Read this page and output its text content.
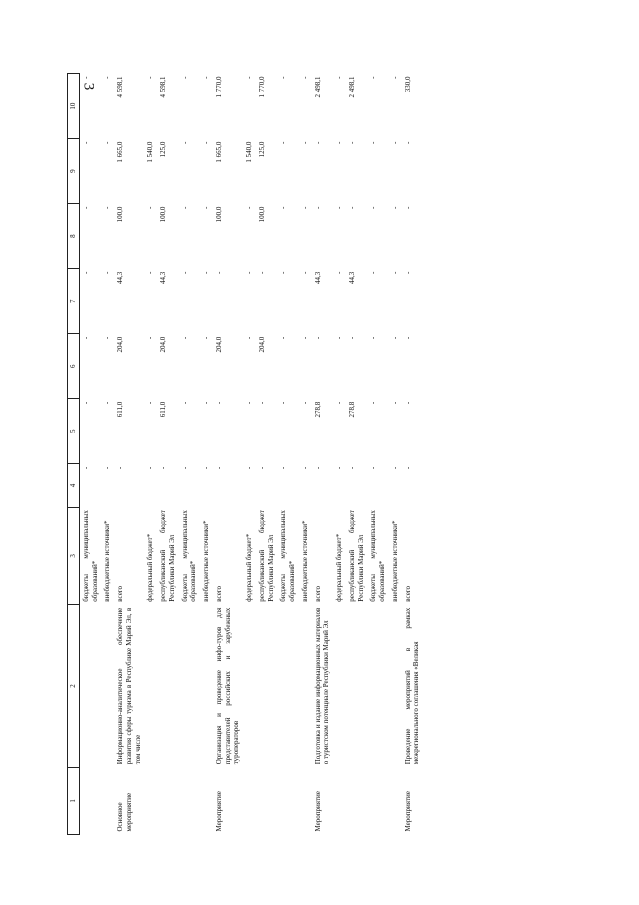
3
1	2	3	4	5	6	7	8	9	10
		бюджеты муниципальных образований*	-	-	-	-	-	-	-
		внебюджетные источники*	-	-	-	-	-	-	-
Основное мероприятие	Информационно-аналитическое обеспечение развития сферы туризма в Республике Марий Эл, в том числе	всего	-	611,0	204,0	44,3	100,0	1 665,0	4 598,1
		федеральный бюджет*	-	-	-	-	-	1 540,0	-
		республиканский бюджет Республики Марий Эл	-	611,0	204,0	44,3	100,0	125,0	4 598,1
		бюджеты муниципальных образований*	-	-	-	-	-	-	-
		внебюджетные источники*	-	-	-	-	-	-	-
Мероприятие	Организация и проведение инфо-туров для представителей российских и зарубежных туроператоров	всего	-	-	204,0	-	100,0	1 665,0	1 770,0
		федеральный бюджет*	-	-	-	-	-	1 540,0	-
		республиканский бюджет Республики Марий Эл	-	-	204,0	-	100,0	125,0	1 770,0
		бюджеты муниципальных образований*	-	-	-	-	-	-	-
		внебюджетные источники*	-	-	-	-	-	-	-
Мероприятие	Подготовка и издание информационных материалов о туристском потенциале Республики Марий Эл	всего	-	278,8	-	44,3	-	-	2 498,1
		федеральный бюджет*	-	-	-	-	-	-	-
		республиканский бюджет Республики Марий Эл	-	278,8	-	44,3	-	-	2 498,1
		бюджеты муниципальных образований*	-	-	-	-	-	-	-
		внебюджетные источники*	-	-	-	-	-	-	-
Мероприятие	Проведение мероприятий в рамках межрегионального соглашения «Великая	всего	-	-	-	-	-	-	330,0
